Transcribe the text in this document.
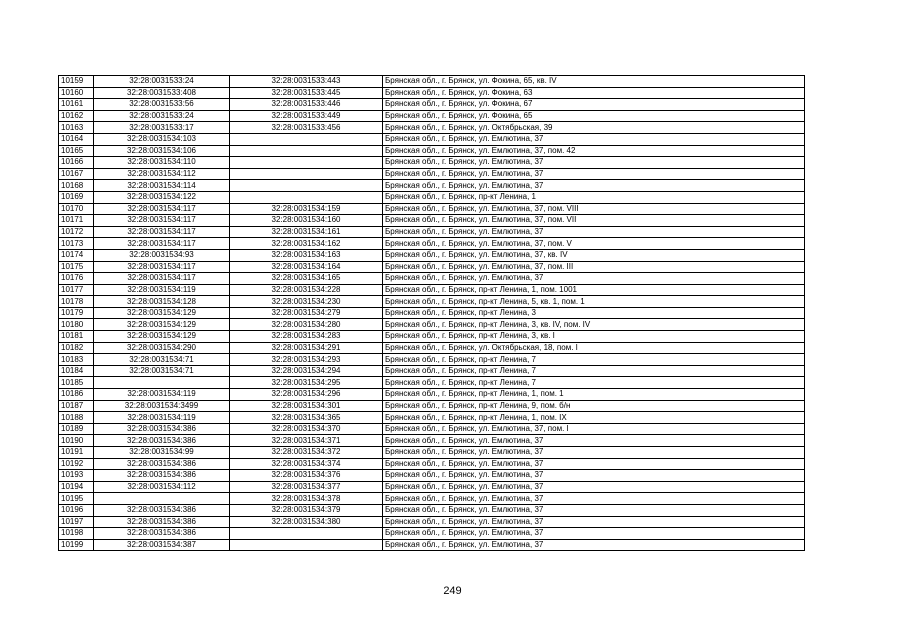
10159	32:28:0031533:24	32:28:0031533:443	Брянская обл., г. Брянск, ул. Фокина, 65, кв. IV
10160	32:28:0031533:408	32:28:0031533:445	Брянская обл., г. Брянск, ул. Фокина, 63
10161	32:28:0031533:56	32:28:0031533:446	Брянская обл., г. Брянск, ул. Фокина, 67
10162	32:28:0031533:24	32:28:0031533:449	Брянская обл., г. Брянск, ул. Фокина, 65
10163	32:28:0031533:17	32:28:0031533:456	Брянская обл., г. Брянск, ул. Октябрьская, 39
10164	32:28:0031534:103		Брянская обл., г. Брянск, ул. Емлютина, 37
10165	32:28:0031534:106		Брянская обл., г. Брянск, ул. Емлютина, 37, пом. 42
10166	32:28:0031534:110		Брянская обл., г. Брянск, ул. Емлютина, 37
10167	32:28:0031534:112		Брянская обл., г. Брянск, ул. Емлютина, 37
10168	32:28:0031534:114		Брянская обл., г. Брянск, ул. Емлютина, 37
10169	32:28:0031534:122		Брянская обл., г. Брянск, пр-кт Ленина, 1
10170	32:28:0031534:117	32:28:0031534:159	Брянская обл., г. Брянск, ул. Емлютина, 37, пом. VIII
10171	32:28:0031534:117	32:28:0031534:160	Брянская обл., г. Брянск, ул. Емлютина, 37, пом. VII
10172	32:28:0031534:117	32:28:0031534:161	Брянская обл., г. Брянск, ул. Емлютина, 37
10173	32:28:0031534:117	32:28:0031534:162	Брянская обл., г. Брянск, ул. Емлютина, 37, пом. V
10174	32:28:0031534:93	32:28:0031534:163	Брянская обл., г. Брянск, ул. Емлютина, 37, кв. IV
10175	32:28:0031534:117	32:28:0031534:164	Брянская обл., г. Брянск, ул. Емлютина, 37, пом. III
10176	32:28:0031534:117	32:28:0031534:165	Брянская обл., г. Брянск, ул. Емлютина, 37
10177	32:28:0031534:119	32:28:0031534:228	Брянская обл., г. Брянск, пр-кт Ленина, 1, пом. 1001
10178	32:28:0031534:128	32:28:0031534:230	Брянская обл., г. Брянск, пр-кт Ленина, 5, кв. 1, пом. 1
10179	32:28:0031534:129	32:28:0031534:279	Брянская обл., г. Брянск, пр-кт Ленина, 3
10180	32:28:0031534:129	32:28:0031534:280	Брянская обл., г. Брянск, пр-кт Ленина, 3, кв. IV, пом. IV
10181	32:28:0031534:129	32:28:0031534:283	Брянская обл., г. Брянск, пр-кт Ленина, 3, кв. I
10182	32:28:0031534:290	32:28:0031534:291	Брянская обл., г. Брянск, ул. Октябрьская, 18, пом. I
10183	32:28:0031534:71	32:28:0031534:293	Брянская обл., г. Брянск, пр-кт Ленина, 7
10184	32:28:0031534:71	32:28:0031534:294	Брянская обл., г. Брянск, пр-кт Ленина, 7
10185		32:28:0031534:295	Брянская обл., г. Брянск, пр-кт Ленина, 7
10186	32:28:0031534:119	32:28:0031534:296	Брянская обл., г. Брянск, пр-кт Ленина, 1, пом. 1
10187	32:28:0031534:3499	32:28:0031534:301	Брянская обл., г. Брянск, пр-кт Ленина, 9, пом. б/н
10188	32:28:0031534:119	32:28:0031534:365	Брянская обл., г. Брянск, пр-кт Ленина, 1, пом. IX
10189	32:28:0031534:386	32:28:0031534:370	Брянская обл., г. Брянск, ул. Емлютина, 37, пом. I
10190	32:28:0031534:386	32:28:0031534:371	Брянская обл., г. Брянск, ул. Емлютина, 37
10191	32:28:0031534:99	32:28:0031534:372	Брянская обл., г. Брянск, ул. Емлютина, 37
10192	32:28:0031534:386	32:28:0031534:374	Брянская обл., г. Брянск, ул. Емлютина, 37
10193	32:28:0031534:386	32:28:0031534:376	Брянская обл., г. Брянск, ул. Емлютина, 37
10194	32:28:0031534:112	32:28:0031534:377	Брянская обл., г. Брянск, ул. Емлютина, 37
10195		32:28:0031534:378	Брянская обл., г. Брянск, ул. Емлютина, 37
10196	32:28:0031534:386	32:28:0031534:379	Брянская обл., г. Брянск, ул. Емлютина, 37
10197	32:28:0031534:386	32:28:0031534:380	Брянская обл., г. Брянск, ул. Емлютина, 37
10198	32:28:0031534:386		Брянская обл., г. Брянск, ул. Емлютина, 37
10199	32:28:0031534:387		Брянская обл., г. Брянск, ул. Емлютина, 37
249
